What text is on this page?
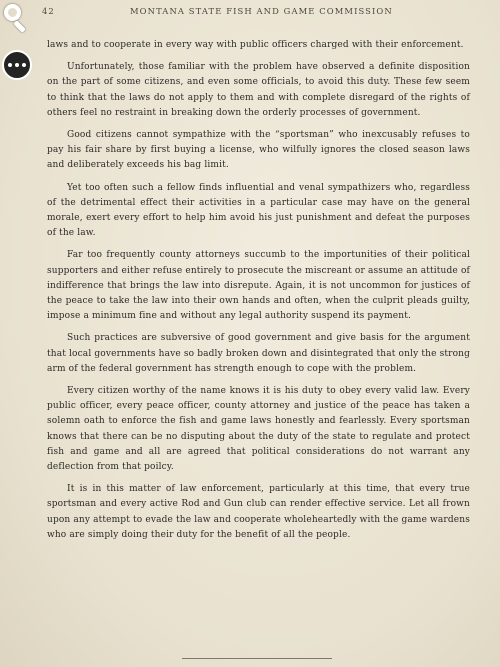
42	MONTANA STATE FISH AND GAME COMMISSION

laws and to cooperate in every way with public officers charged with their enforcement.

Unfortunately, those familiar with the problem have observed a definite disposition on the part of some citizens, and even some officials, to avoid this duty. These few seem to think that the laws do not apply to them and with complete disregard of the rights of others feel no restraint in breaking down the orderly processes of government.

Good citizens cannot sympathize with the “sportsman” who inexcusably refuses to pay his fair share by first buying a license, who wilfully ignores the closed season laws and deliberately exceeds his bag limit.

Yet too often such a fellow finds influential and venal sympathizers who, regardless of the detrimental effect their activities in a particular case may have on the general morale, exert every effort to help him avoid his just punishment and defeat the purposes of the law.

Far too frequently county attorneys succumb to the importunities of their political supporters and either refuse entirely to prosecute the miscreant or assume an attitude of indifference that brings the law into disrepute. Again, it is not uncommon for justices of the peace to take the law into their own hands and often, when the culprit pleads guilty, impose a minimum fine and without any legal authority suspend its payment.

Such practices are subversive of good government and give basis for the argument that local governments have so badly broken down and disintegrated that only the strong arm of the federal government has strength enough to cope with the problem.

Every citizen worthy of the name knows it is his duty to obey every valid law. Every public officer, every peace officer, county attorney and justice of the peace has taken a solemn oath to enforce the fish and game laws honestly and fearlessly. Every sportsman knows that there can be no disputing about the duty of the state to regulate and protect fish and game and all are agreed that political considerations do not warrant any deflection from that poilcy.

It is in this matter of law enforcement, particularly at this time, that every true sportsman and every active Rod and Gun club can render effective service. Let all frown upon any attempt to evade the law and cooperate wholeheartedly with the game wardens who are simply doing their duty for the benefit of all the people.
